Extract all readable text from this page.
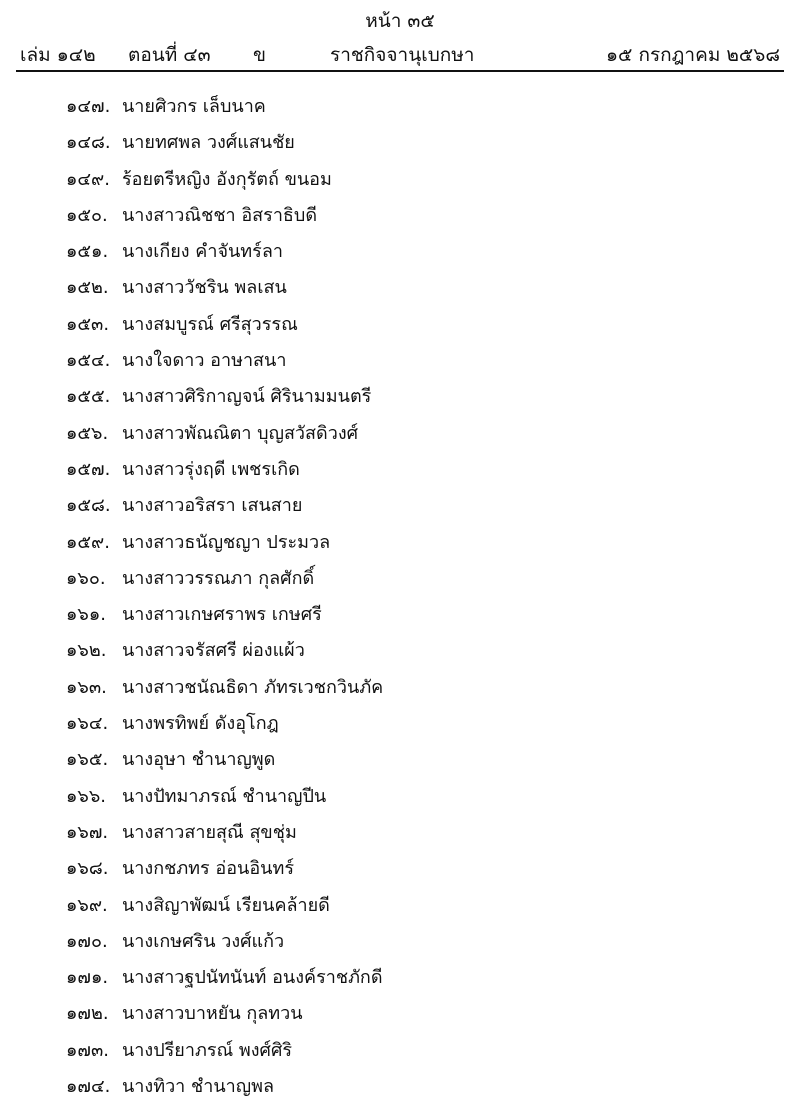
หน้า ๓๕
เล่ม ๑๔๒ ตอนที่ ๔๓ ข	ราชกิจจานุเบกษา	๑๕ กรกฎาคม ๒๕๖๘
๑๔๗. นายศิวกร เล็บนาค
๑๔๘. นายทศพล วงศ์แสนชัย
๑๔๙. ร้อยตรีหญิง อังกุรัตถ์ ขนอม
๑๕๐. นางสาวณิชชา อิสราธิบดี
๑๕๑. นางเกียง คำจันทร์ลา
๑๕๒. นางสาววัชริน พลเสน
๑๕๓. นางสมบูรณ์ ศรีสุวรรณ
๑๕๔. นางใจดาว อาษาสนา
๑๕๕. นางสาวศิริกาญจน์ ศิรินามมนตรี
๑๕๖. นางสาวพัณณิตา บุญสวัสดิวงศ์
๑๕๗. นางสาวรุ่งฤดี เพชรเกิด
๑๕๘. นางสาวอริสรา เสนสาย
๑๕๙. นางสาวธนัญชญา ประมวล
๑๖๐. นางสาววรรณภา กุลศักดิ์
๑๖๑. นางสาวเกษศราพร เกษศรี
๑๖๒. นางสาวจรัสศรี ผ่องแผ้ว
๑๖๓. นางสาวชนัณธิดา ภัทรเวชกวินภัค
๑๖๔. นางพรทิพย์ ดังอุโกฎ
๑๖๕. นางอุษา ชำนาญพูด
๑๖๖. นางปัทมาภรณ์ ชำนาญปีน
๑๖๗. นางสาวสายสุณี สุขชุ่ม
๑๖๘. นางกชภทร อ่อนอินทร์
๑๖๙. นางสิญาพัฒน์ เรียนคล้ายดี
๑๗๐. นางเกษศริน วงศ์แก้ว
๑๗๑. นางสาวฐปนัทนันท์ อนงค์ราชภักดี
๑๗๒. นางสาวบาหยัน กุลทวน
๑๗๓. นางปรียาภรณ์ พงศ์ศิริ
๑๗๔. นางทิวา ชำนาญพล
